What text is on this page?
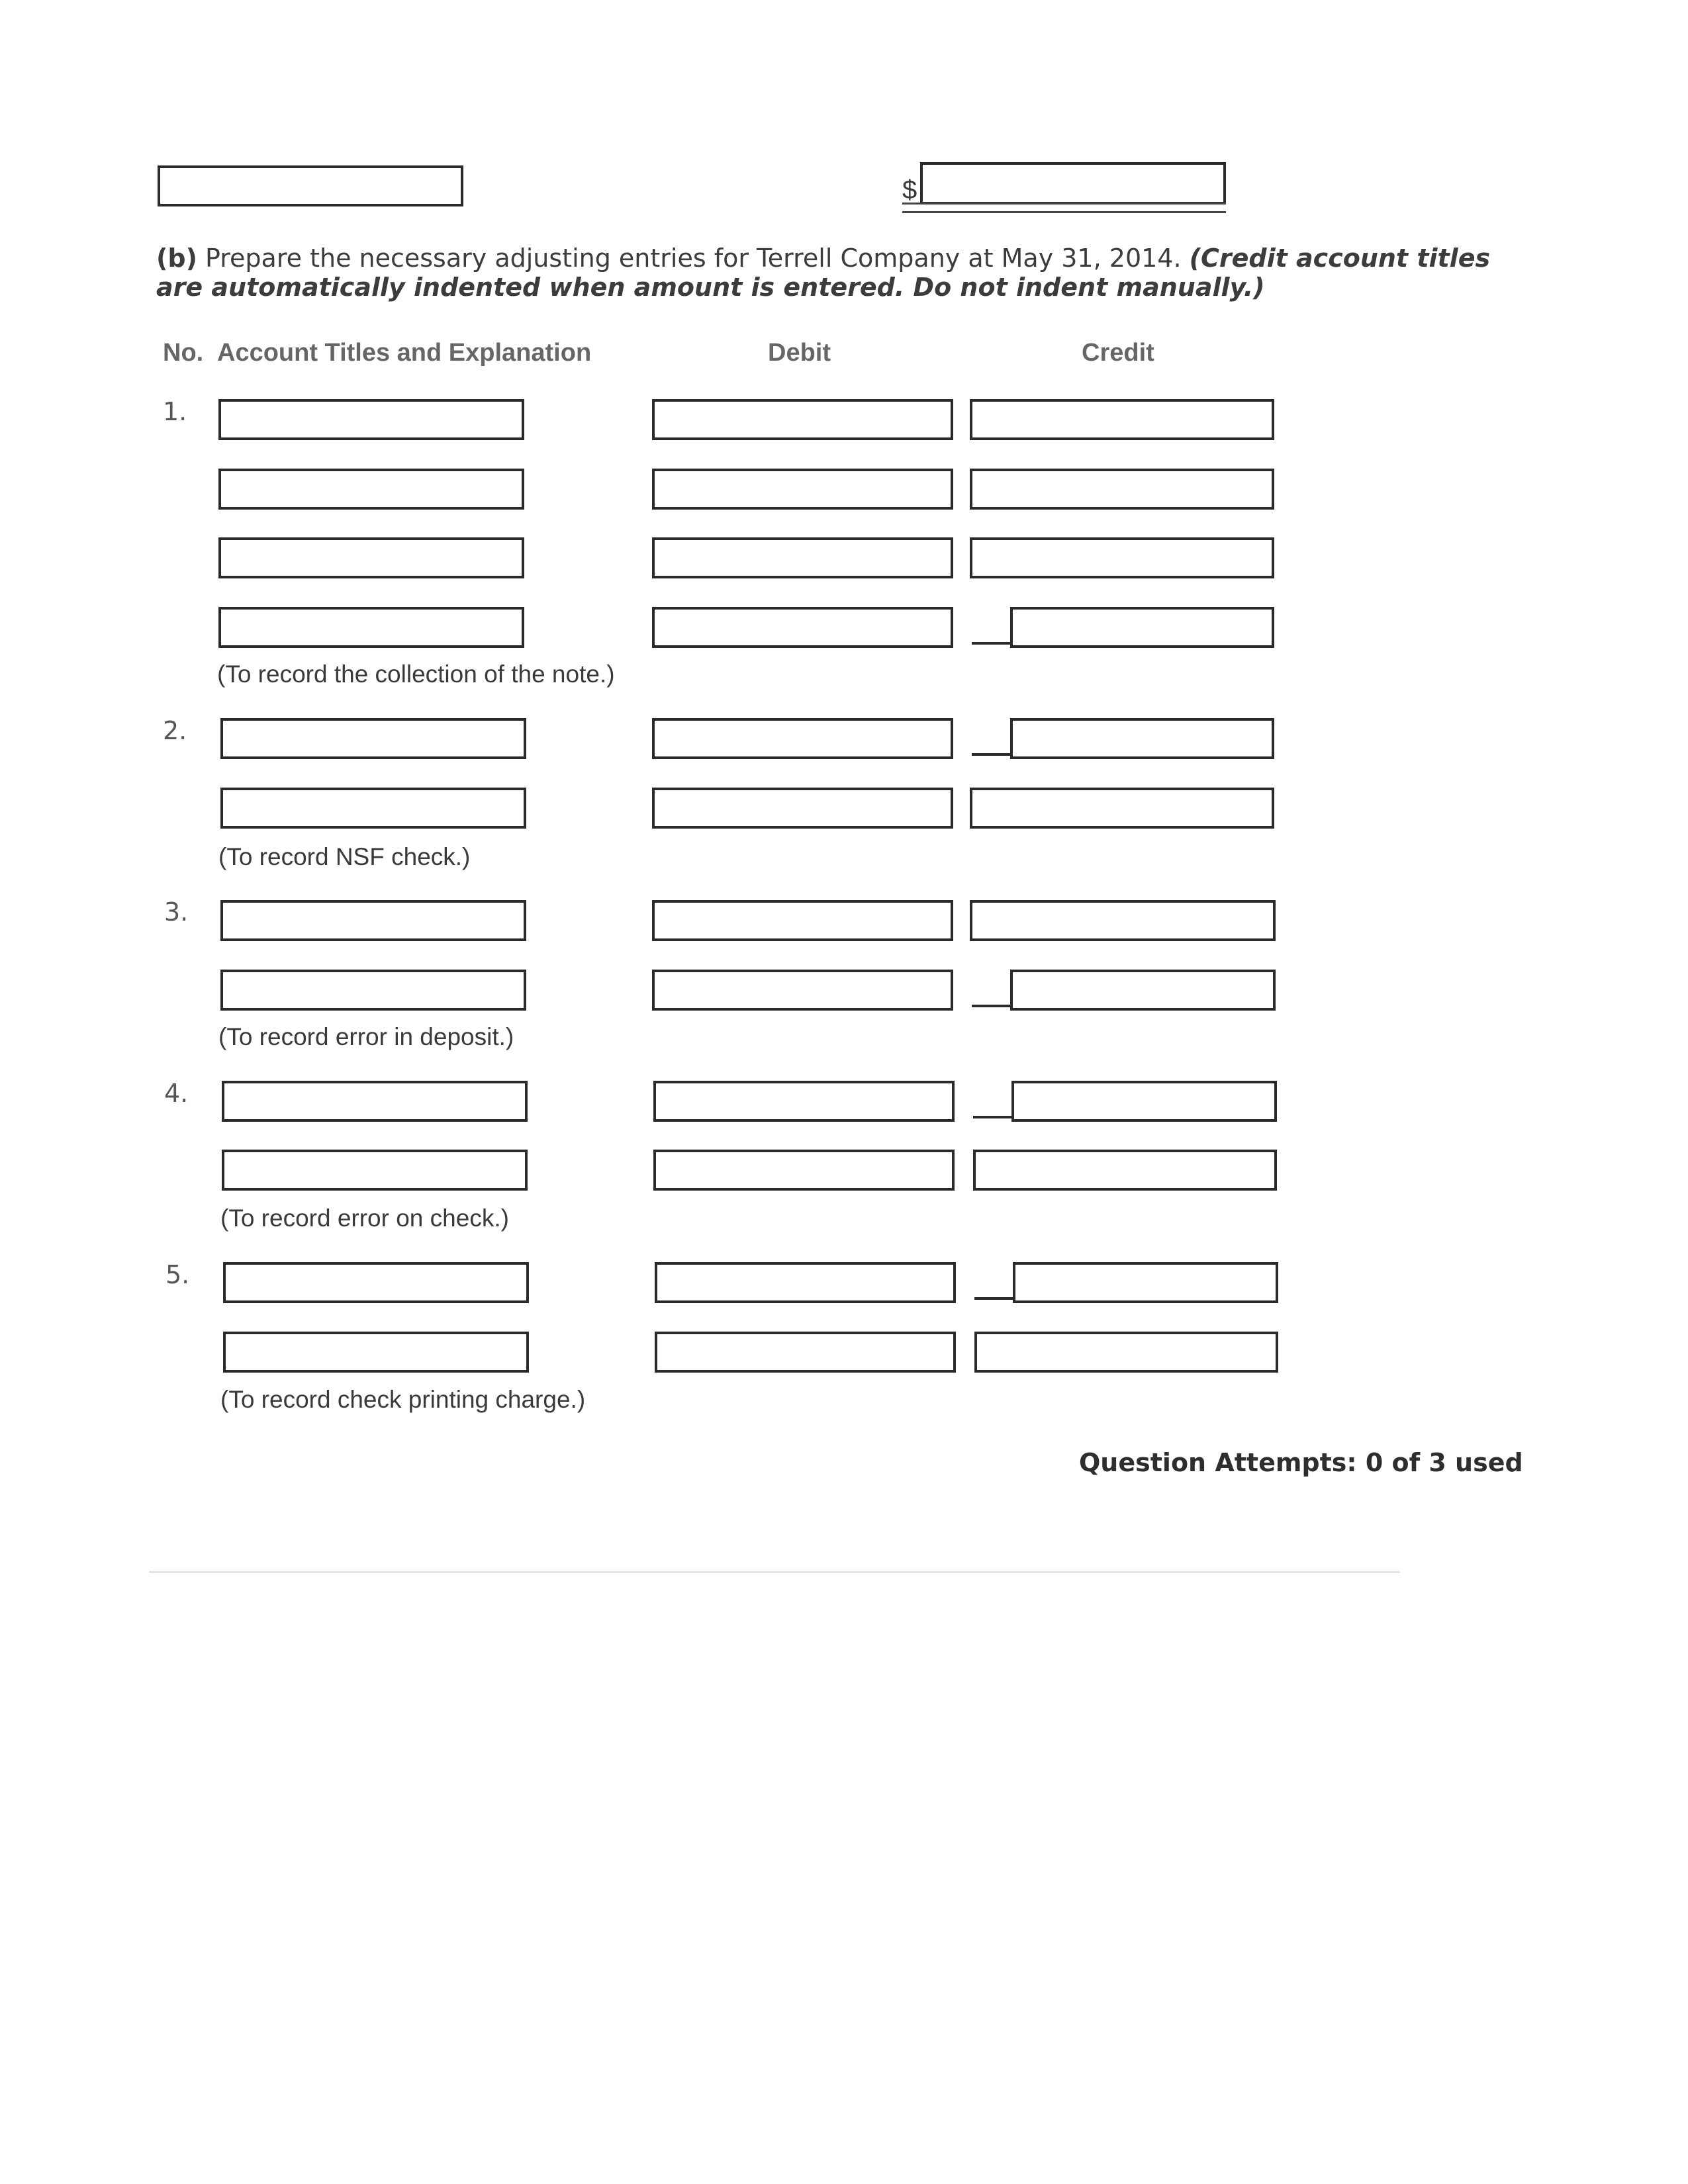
$
(b) Prepare the necessary adjusting entries for Terrell Company at May 31, 2014. (Credit account titles are automatically indented when amount is entered. Do not indent manually.)
No. Account Titles and Explanation	Debit	Credit
1.
(To record the collection of the note.)
2.
(To record NSF check.)
3.
(To record error in deposit.)
4.
(To record error on check.)
5.
(To record check printing charge.)
Question Attempts: 0 of 3 used
